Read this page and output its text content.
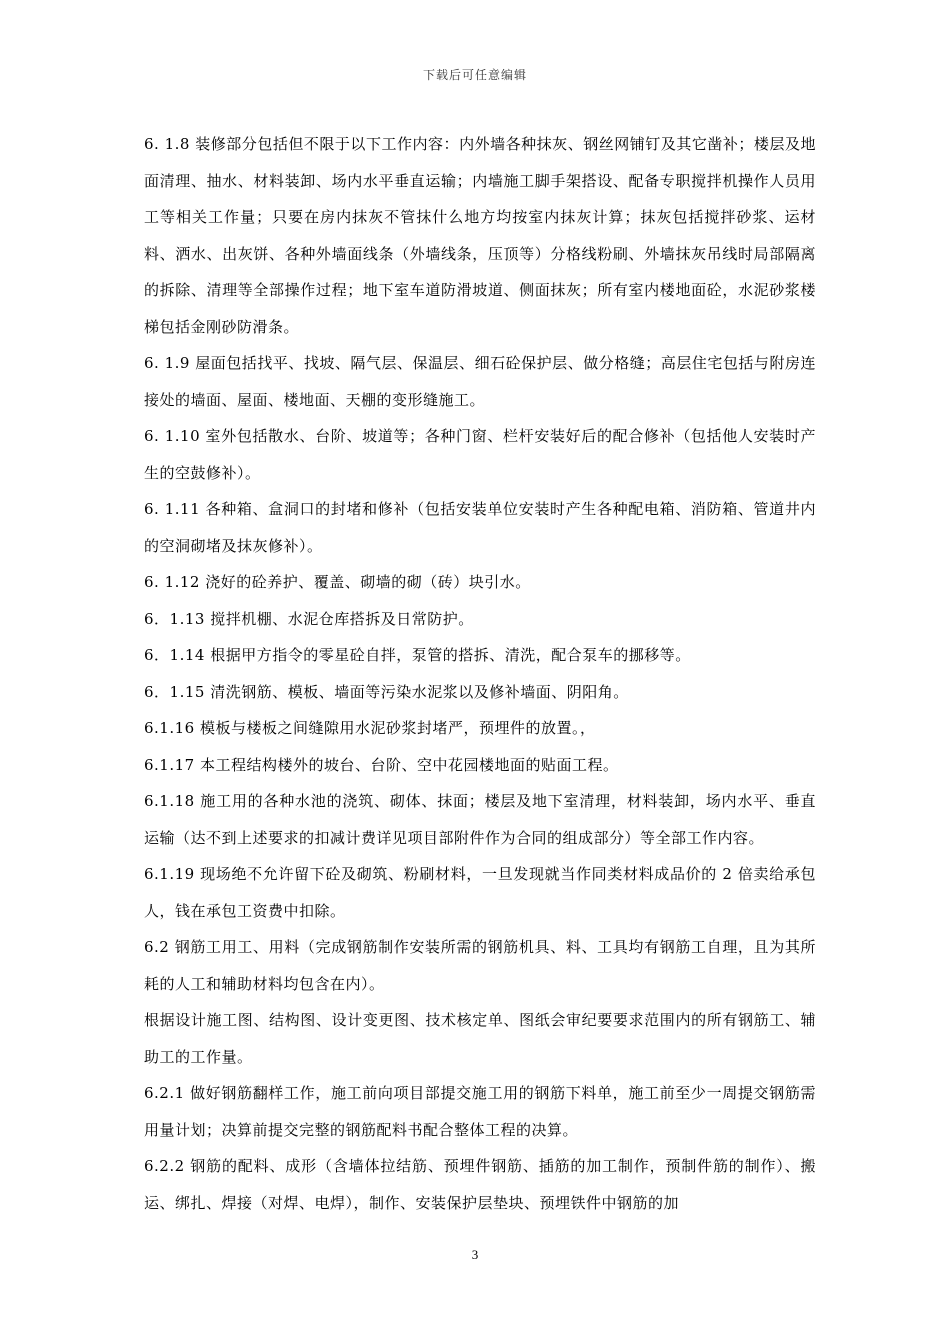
下载后可任意编辑

6. 1.8 装修部分包括但不限于以下工作内容：内外墙各种抹灰、钢丝网铺钉及其它凿补；楼层及地面清理、抽水、材料装卸、场内水平垂直运输；内墙施工脚手架搭设、配备专职搅拌机操作人员用工等相关工作量；只要在房内抹灰不管抹什么地方均按室内抹灰计算；抹灰包括搅拌砂浆、运材料、洒水、出灰饼、各种外墙面线条（外墙线条，压顶等）分格线粉刷、外墙抹灰吊线时局部隔离的拆除、清理等全部操作过程；地下室车道防滑坡道、侧面抹灰；所有室内楼地面砼，水泥砂浆楼梯包括金刚砂防滑条。

6. 1.9 屋面包括找平、找坡、隔气层、保温层、细石砼保护层、做分格缝；高层住宅包括与附房连接处的墙面、屋面、楼地面、天棚的变形缝施工。

6. 1.10 室外包括散水、台阶、坡道等；各种门窗、栏杆安装好后的配合修补（包括他人安装时产生的空鼓修补）。

6. 1.11 各种箱、盒洞口的封堵和修补（包括安装单位安装时产生各种配电箱、消防箱、管道井内的空洞砌堵及抹灰修补）。

6. 1.12 浇好的砼养护、覆盖、砌墙的砌（砖）块引水。

6．1.13 搅拌机棚、水泥仓库搭拆及日常防护。

6．1.14 根据甲方指令的零星砼自拌，泵管的搭拆、清洗，配合泵车的挪移等。

6．1.15 清洗钢筋、模板、墙面等污染水泥浆以及修补墙面、阴阳角。

6.1.16 模板与楼板之间缝隙用水泥砂浆封堵严，预埋件的放置。，

6.1.17 本工程结构楼外的坡台、台阶、空中花园楼地面的贴面工程。

6.1.18 施工用的各种水池的浇筑、砌体、抹面；楼层及地下室清理，材料装卸，场内水平、垂直运输（达不到上述要求的扣减计费详见项目部附件作为合同的组成部分）等全部工作内容。

6.1.19 现场绝不允许留下砼及砌筑、粉刷材料，一旦发现就当作同类材料成品价的 2 倍卖给承包人，钱在承包工资费中扣除。

6.2 钢筋工用工、用料（完成钢筋制作安装所需的钢筋机具、料、工具均有钢筋工自理，且为其所耗的人工和辅助材料均包含在内）。

根据设计施工图、结构图、设计变更图、技术核定单、图纸会审纪要要求范围内的所有钢筋工、辅助工的工作量。

6.2.1 做好钢筋翻样工作，施工前向项目部提交施工用的钢筋下料单，施工前至少一周提交钢筋需用量计划；决算前提交完整的钢筋配料书配合整体工程的决算。

6.2.2 钢筋的配料、成形（含墙体拉结筋、预埋件钢筋、插筋的加工制作，预制件筋的制作）、搬运、绑扎、焊接（对焊、电焊），制作、安装保护层垫块、预埋铁件中钢筋的加

3
